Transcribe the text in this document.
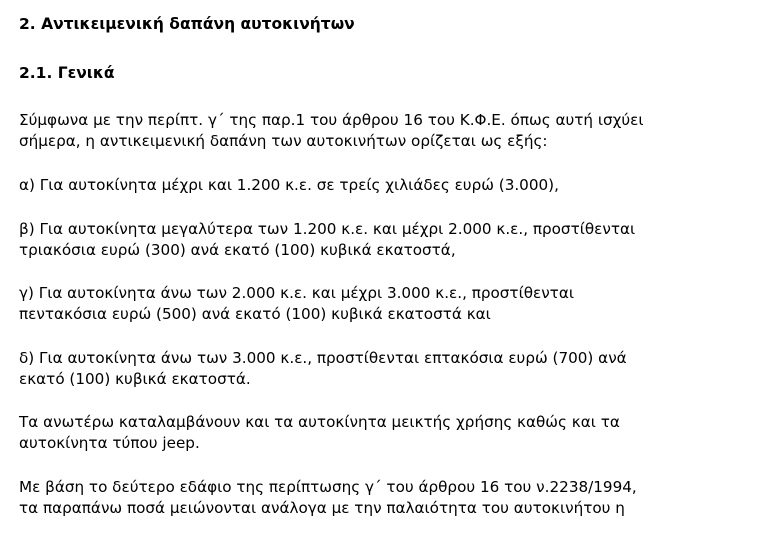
2. Αντικειμενική δαπάνη αυτοκινήτων
2.1. Γενικά
Σύμφωνα με την περίπτ. γ΄ της παρ.1 του άρθρου 16 του Κ.Φ.Ε. όπως αυτή ισχύει
σήμερα, η αντικειμενική δαπάνη των αυτοκινήτων ορίζεται ως εξής:
α) Για αυτοκίνητα μέχρι και 1.200 κ.ε. σε τρείς χιλιάδες ευρώ (3.000),
β) Για αυτοκίνητα μεγαλύτερα των 1.200 κ.ε. και μέχρι 2.000 κ.ε., προστίθενται
τριακόσια ευρώ (300) ανά εκατό (100) κυβικά εκατοστά,
γ) Για αυτοκίνητα άνω των 2.000 κ.ε. και μέχρι 3.000 κ.ε., προστίθενται
πεντακόσια ευρώ (500) ανά εκατό (100) κυβικά εκατοστά και
δ) Για αυτοκίνητα άνω των 3.000 κ.ε., προστίθενται επτακόσια ευρώ (700) ανά
εκατό (100) κυβικά εκατοστά.
Τα ανωτέρω καταλαμβάνουν και τα αυτοκίνητα μεικτής χρήσης καθώς και τα
αυτοκίνητα τύπου jeep.
Με βάση το δεύτερο εδάφιο της περίπτωσης γ΄ του άρθρου 16 του ν.2238/1994,
τα παραπάνω ποσά μειώνονται ανάλογα με την παλαιότητα του αυτοκινήτου η
